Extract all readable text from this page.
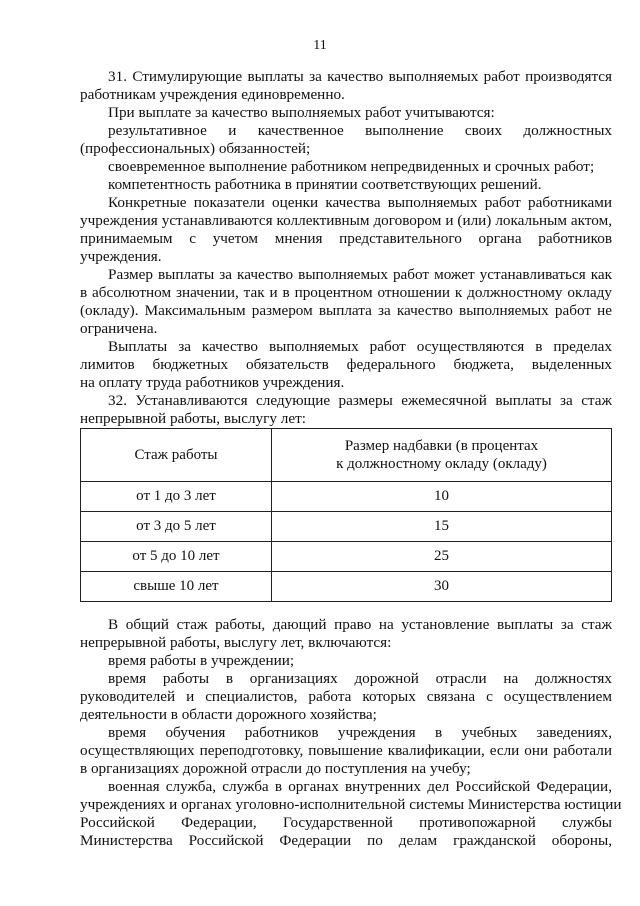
11
31. Стимулирующие выплаты за качество выполняемых работ производятся
работникам учреждения единовременно.
При выплате за качество выполняемых работ учитываются:
результативное и качественное выполнение своих должностных
(профессиональных) обязанностей;
своевременное выполнение работником непредвиденных и срочных работ;
компетентность работника в принятии соответствующих решений.
Конкретные показатели оценки качества выполняемых работ работниками
учреждения устанавливаются коллективным договором и (или) локальным актом,
принимаемым с учетом мнения представительного органа работников
учреждения.
Размер выплаты за качество выполняемых работ может устанавливаться как
в абсолютном значении, так и в процентном отношении к должностному окладу
(окладу). Максимальным размером выплата за качество выполняемых работ не
ограничена.
Выплаты за качество выполняемых работ осуществляются в пределах
лимитов бюджетных обязательств федерального бюджета, выделенных
на оплату труда работников учреждения.
32. Устанавливаются следующие размеры ежемесячной выплаты за стаж
непрерывной работы, выслугу лет:
Стаж работы	Размер надбавки (в процентах
к должностному окладу (окладу)
от 1 до 3 лет	10
от 3 до 5 лет	15
от 5 до 10 лет	25
свыше 10 лет	30
В общий стаж работы, дающий право на установление выплаты за стаж
непрерывной работы, выслугу лет, включаются:
время работы в учреждении;
время работы в организациях дорожной отрасли на должностях
руководителей и специалистов, работа которых связана с осуществлением
деятельности в области дорожного хозяйства;
время обучения работников учреждения в учебных заведениях,
осуществляющих переподготовку, повышение квалификации, если они работали
в организациях дорожной отрасли до поступления на учебу;
военная служба, служба в органах внутренних дел Российской Федерации,
учреждениях и органах уголовно-исполнительной системы Министерства юстиции
Российской Федерации, Государственной противопожарной службы
Министерства Российской Федерации по делам гражданской обороны,
